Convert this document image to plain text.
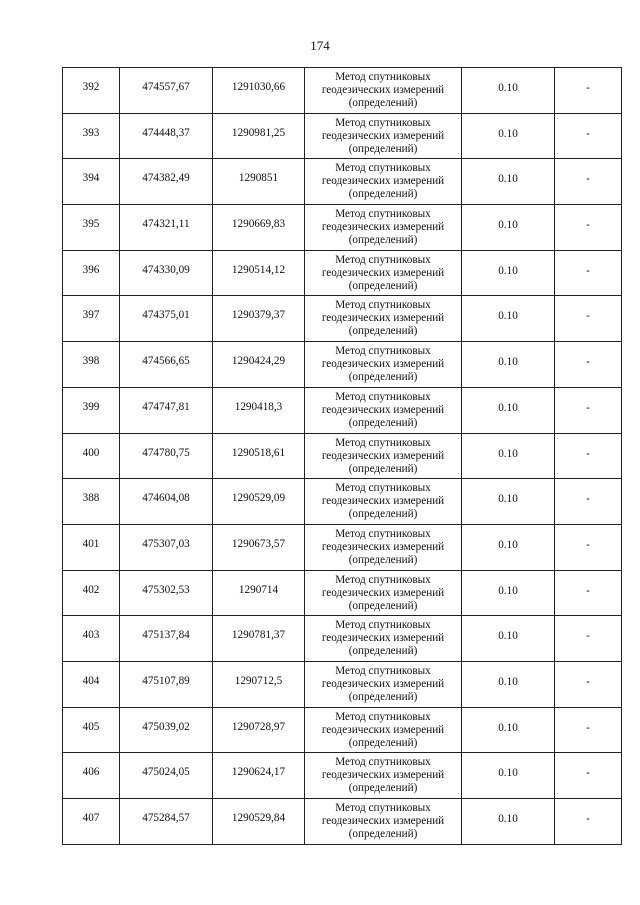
174
392	474557,67	1291030,66	Метод спутниковых
геодезических измерений
(определений)	0.10	-
393	474448,37	1290981,25	Метод спутниковых
геодезических измерений
(определений)	0.10	-
394	474382,49	1290851	Метод спутниковых
геодезических измерений
(определений)	0.10	-
395	474321,11	1290669,83	Метод спутниковых
геодезических измерений
(определений)	0.10	-
396	474330,09	1290514,12	Метод спутниковых
геодезических измерений
(определений)	0.10	-
397	474375,01	1290379,37	Метод спутниковых
геодезических измерений
(определений)	0.10	-
398	474566,65	1290424,29	Метод спутниковых
геодезических измерений
(определений)	0.10	-
399	474747,81	1290418,3	Метод спутниковых
геодезических измерений
(определений)	0.10	-
400	474780,75	1290518,61	Метод спутниковых
геодезических измерений
(определений)	0.10	-
388	474604,08	1290529,09	Метод спутниковых
геодезических измерений
(определений)	0.10	-
401	475307,03	1290673,57	Метод спутниковых
геодезических измерений
(определений)	0.10	-
402	475302,53	1290714	Метод спутниковых
геодезических измерений
(определений)	0.10	-
403	475137,84	1290781,37	Метод спутниковых
геодезических измерений
(определений)	0.10	-
404	475107,89	1290712,5	Метод спутниковых
геодезических измерений
(определений)	0.10	-
405	475039,02	1290728,97	Метод спутниковых
геодезических измерений
(определений)	0.10	-
406	475024,05	1290624,17	Метод спутниковых
геодезических измерений
(определений)	0.10	-
407	475284,57	1290529,84	Метод спутниковых
геодезических измерений
(определений)	0.10	-
